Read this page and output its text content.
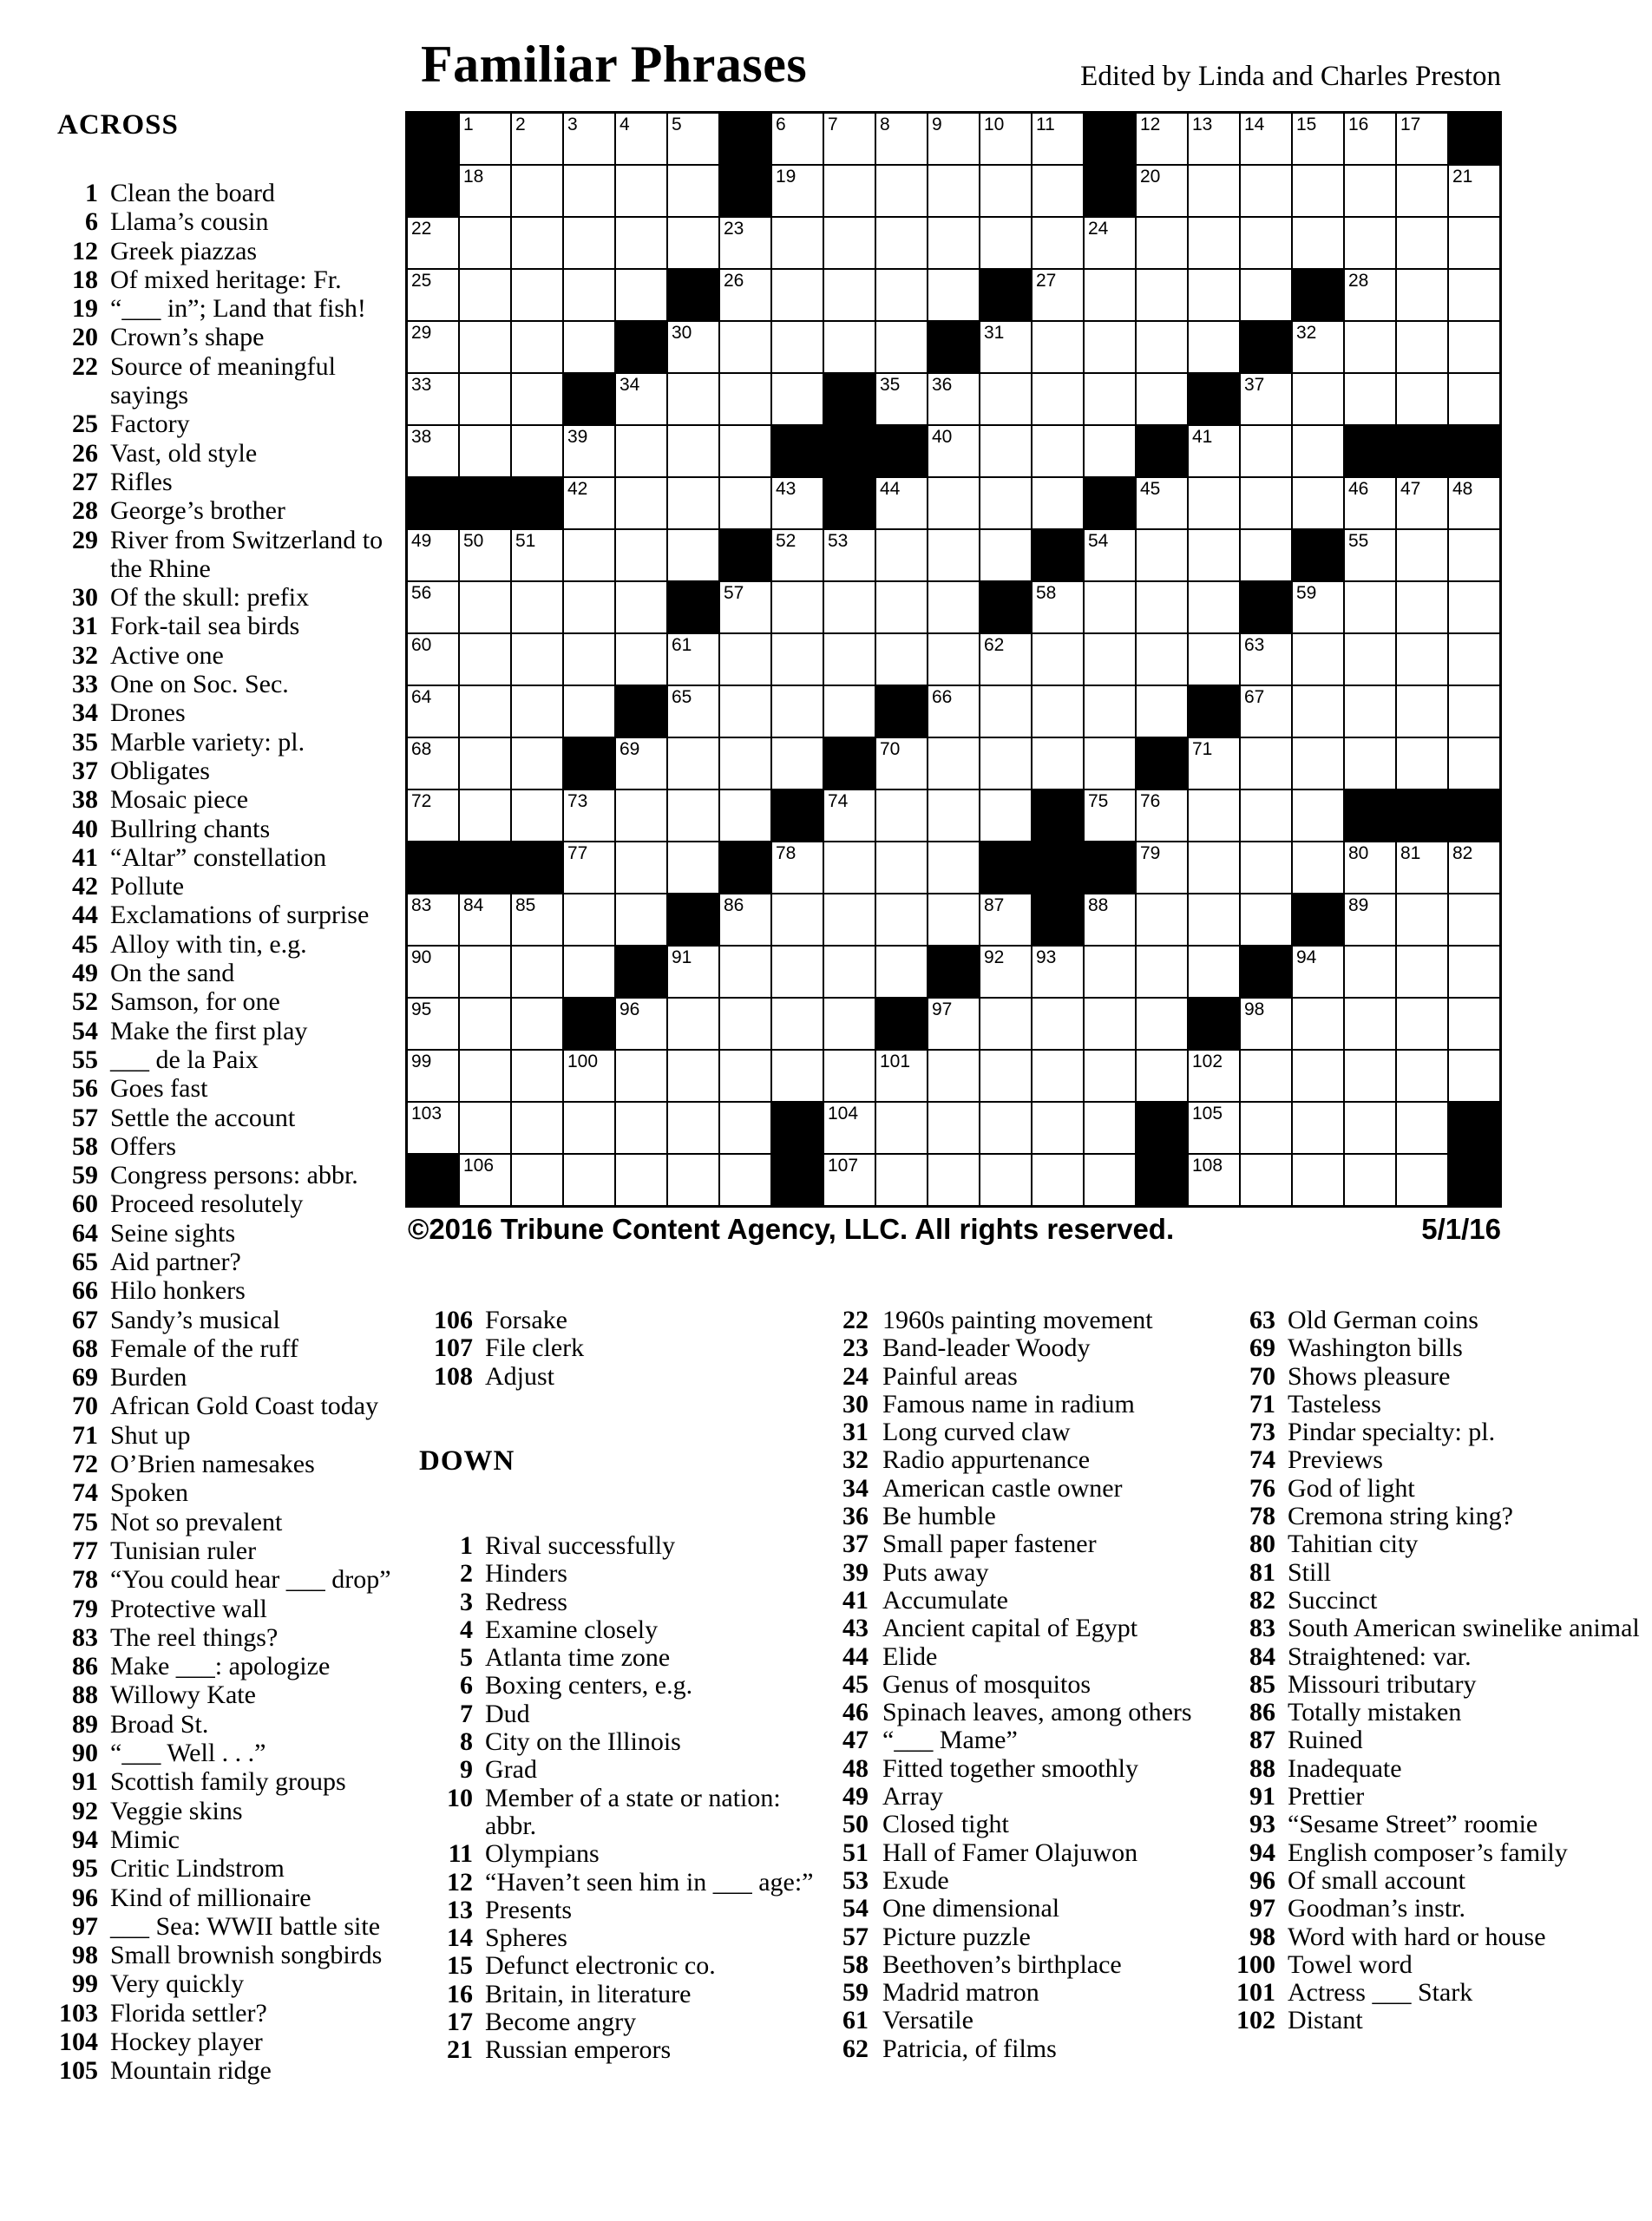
Familiar Phrases	Edited by Linda and Charles Preston
ACROSS
1 Clean the board
6 Llama’s cousin
12 Greek piazzas
18 Of mixed heritage: Fr.
19 “___ in”; Land that fish!
20 Crown’s shape
22 Source of meaningful sayings
25 Factory
26 Vast, old style
27 Rifles
28 George’s brother
29 River from Switzerland to the Rhine
30 Of the skull: prefix
31 Fork-tail sea birds
32 Active one
33 One on Soc. Sec.
34 Drones
35 Marble variety: pl.
37 Obligates
38 Mosaic piece
40 Bullring chants
41 “Altar” constellation
42 Pollute
44 Exclamations of surprise
45 Alloy with tin, e.g.
49 On the sand
52 Samson, for one
54 Make the first play
55 ___ de la Paix
56 Goes fast
57 Settle the account
58 Offers
59 Congress persons: abbr.
60 Proceed resolutely
64 Seine sights
65 Aid partner?
66 Hilo honkers
67 Sandy’s musical
68 Female of the ruff
69 Burden
70 African Gold Coast today
71 Shut up
72 O’Brien namesakes
74 Spoken
75 Not so prevalent
77 Tunisian ruler
78 “You could hear ___ drop”
79 Protective wall
83 The reel things?
86 Make ___: apologize
88 Willowy Kate
89 Broad St.
90 “___ Well . . .”
91 Scottish family groups
92 Veggie skins
94 Mimic
95 Critic Lindstrom
96 Kind of millionaire
97 ___ Sea: WWII battle site
98 Small brownish songbirds
99 Very quickly
103 Florida settler?
104 Hockey player
105 Mountain ridge
1 2 3 4 5	6 7 8 9 10 11	12 13 14 15 16 17
18	19	20	21
22	23	24
25	26	27	28
29	30	31	32
33	34	35 36	37
38	39	40	41
42	43	44	45	46 47 48
49 50 51	52 53	54	55
56	57	58	59
60	61	62	63
64	65	66	67
68	69	70	71
72	73	74	75 76
77	78	79	80 81 82
83 84 85	86	87	88	89
90	91	92 93	94
95	96	97	98
99	100	101	102
103	104	105
106	107	108
©2016 Tribune Content Agency, LLC. All rights reserved.	5/1/16
106 Forsake
107 File clerk
108 Adjust
DOWN
1 Rival successfully
2 Hinders
3 Redress
4 Examine closely
5 Atlanta time zone
6 Boxing centers, e.g.
7 Dud
8 City on the Illinois
9 Grad
10 Member of a state or nation: abbr.
11 Olympians
12 “Haven’t seen him in ___ age:”
13 Presents
14 Spheres
15 Defunct electronic co.
16 Britain, in literature
17 Become angry
21 Russian emperors
22 1960s painting movement
23 Band-leader Woody
24 Painful areas
30 Famous name in radium
31 Long curved claw
32 Radio appurtenance
34 American castle owner
36 Be humble
37 Small paper fastener
39 Puts away
41 Accumulate
43 Ancient capital of Egypt
44 Elide
45 Genus of mosquitos
46 Spinach leaves, among others
47 “___ Mame”
48 Fitted together smoothly
49 Array
50 Closed tight
51 Hall of Famer Olajuwon
53 Exude
54 One dimensional
57 Picture puzzle
58 Beethoven’s birthplace
59 Madrid matron
61 Versatile
62 Patricia, of films
63 Old German coins
69 Washington bills
70 Shows pleasure
71 Tasteless
73 Pindar specialty: pl.
74 Previews
76 God of light
78 Cremona string king?
80 Tahitian city
81 Still
82 Succinct
83 South American swinelike animal
84 Straightened: var.
85 Missouri tributary
86 Totally mistaken
87 Ruined
88 Inadequate
91 Prettier
93 “Sesame Street” roomie
94 English composer’s family
96 Of small account
97 Goodman’s instr.
98 Word with hard or house
100 Towel word
101 Actress ___ Stark
102 Distant
